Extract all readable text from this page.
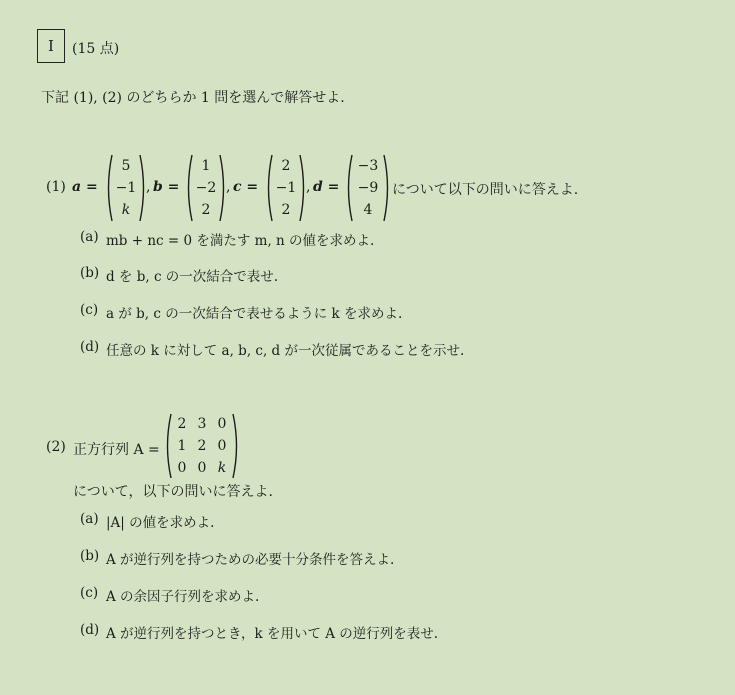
I (15 点)
下記 (1), (2) のどちらか 1 問を選んで解答せよ.
(1) a =
5
−1
k
, b =
1
−2
2
, c =
2
−1
2
, d =
−3
−9
4
について以下の問いに答えよ.
(a) mb + nc = 0 を満たす m, n の値を求めよ.
(b) d を b, c の一次結合で表せ.
(c) a が b, c の一次結合で表せるように k を求めよ.
(d) 任意の k に対して a, b, c, d が一次従属であることを示せ.
(2) 正方行列 A =
2
1
0
3
2
0
0
0
k
について，以下の問いに答えよ.
(a) |A| の値を求めよ.
(b) A が逆行列を持つための必要十分条件を答えよ.
(c) A の余因子行列を求めよ.
(d) A が逆行列を持つとき，k を用いて A の逆行列を表せ.
